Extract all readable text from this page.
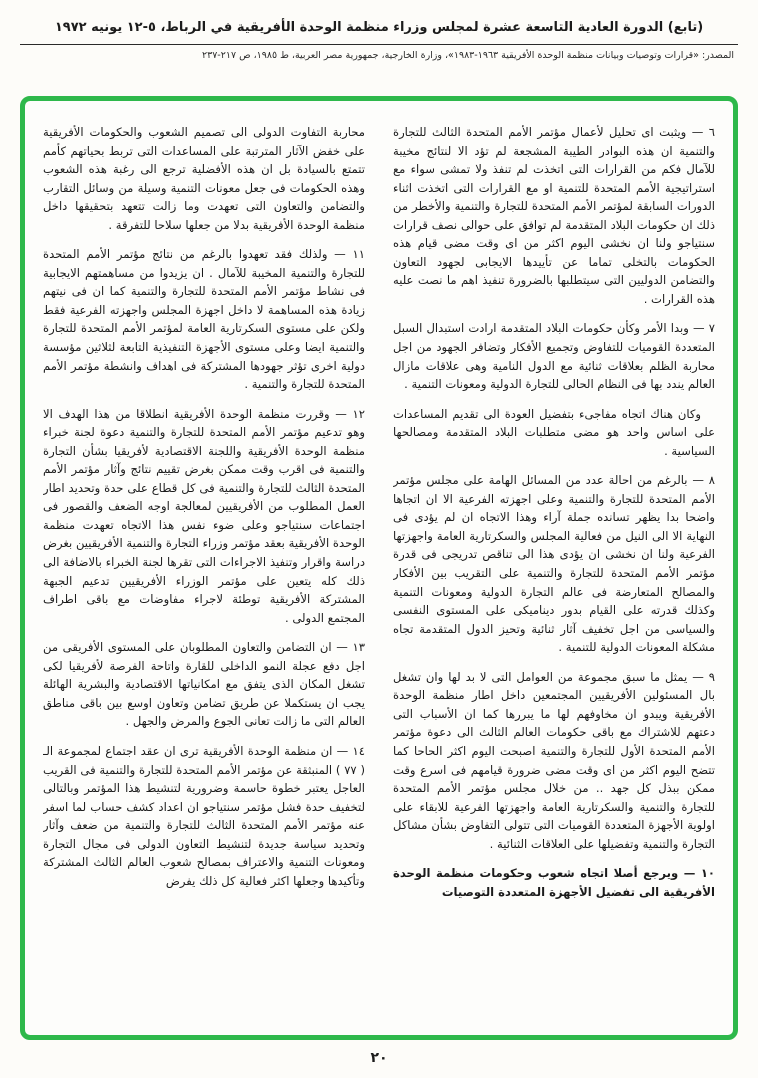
(تابع) الدورة العادية التاسعة عشرة لمجلس وزراء منظمة الوحدة الأفريقية في الرباط، ٥-١٢ يونيه ١٩٧٢
المصدر: «قرارات وتوصيات وبيانات منظمة الوحدة الأفريقية ١٩٦٣-١٩٨٣»، وزارة الخارجية، جمهورية مصر العربية، ط ١٩٨٥، ص ٢١٧-٢٣٧

٦ — ويثبت اى تحليل لأعمال مؤتمر الأمم المتحدة الثالث للتجارة والتنمية ان هذه البوادر الطيبة المشجعة لم تؤد الا لنتائج مخيبة للآمال فكم من القرارات التى اتخذت لم تنفذ ولا تمشى سواء مع استراتيجية الأمم المتحدة للتنمية او مع القرارات التى اتخذت اثناء الدورات السابقة لمؤتمر الأمم المتحدة للتجارة والتنمية والأخطر من ذلك ان حكومات البلاد المتقدمة لم توافق على حوالى نصف قرارات سنتياجو ولنا ان نخشى اليوم اكثر من اى وقت مضى قيام هذه الحكومات بالتخلى تماما عن تأييدها الايجابى لجهود التعاون والتضامن الدوليين التى سيتطلبها بالضرورة تنفيذ اهم ما نصت عليه هذه القرارات .

٧ — وبدا الأمر وكأن حكومات البلاد المتقدمة ارادت استبدال السبل المتعددة القوميات للتفاوض وتجميع الأفكار وتضافر الجهود من اجل محاربة الظلم بعلاقات ثنائية مع الدول النامية وهى علاقات مازال العالم يندد بها فى النظام الحالى للتجارة الدولية ومعونات التنمية .

وكان هناك اتجاه مفاجىء بتفضيل العودة الى تقديم المساعدات على اساس واحد هو مضى متطلبات البلاد المتقدمة ومصالحها السياسية .

٨ — بالرغم من احالة عدد من المسائل الهامة على مجلس مؤتمر الأمم المتحدة للتجارة والتنمية وعلى اجهزته الفرعية الا ان اتجاها واضحا بدا يظهر تسانده جملة آراء وهذا الاتجاه ان لم يؤدى فى النهاية الا الى النيل من فعالية المجلس والسكرتارية العامة واجهزتها الفرعية ولنا ان نخشى ان يؤدى هذا الى تناقص تدريجى فى قدرة مؤتمر الأمم المتحدة للتجارة والتنمية على التقريب بين الأفكار والمصالح المتعارضة فى عالم التجارة الدولية ومعونات التنمية وكذلك قدرته على القيام بدور ديناميكى على المستوى النفسى والسياسى من اجل تخفيف آثار ثنائية وتحيز الدول المتقدمة تجاه مشكلة المعونات الدولية للتنمية .

٩ — يمثل ما سبق مجموعة من العوامل التى لا بد لها وان تشغل بال المسئولين الأفريقيين المجتمعين داخل اطار منظمة الوحدة الأفريقية ويبدو ان مخاوفهم لها ما يبررها كما ان الأسباب التى دعتهم للاشتراك مع باقى حكومات العالم الثالث الى دعوة مؤتمر الأمم المتحدة الأول للتجارة والتنمية اصبحت اليوم اكثر الحاحا كما تتضح اليوم اكثر من اى وقت مضى ضرورة قيامهم فى اسرع وقت ممكن ببذل كل جهد .. من خلال مجلس مؤتمر الأمم المتحدة للتجارة والتنمية والسكرتارية العامة واجهزتها الفرعية للابقاء على اولوية الأجهزة المتعددة القوميات التى تتولى التفاوض بشأن مشاكل التجارة والتنمية وتفضيلها على العلاقات الثنائية .

١٠ — ويرجع أصلا اتجاه شعوب وحكومات منظمة الوحدة الأفريقية الى تفضيل الأجهزة المتعددة التوصيات

محاربة التفاوت الدولى الى تصميم الشعوب والحكومات الأفريقية على خفض الآثار المترتبة على المساعدات التى تربط بحياتهم كأمم تتمتع بالسيادة بل ان هذه الأفضلية ترجع الى رغبة هذه الشعوب وهذه الحكومات فى جعل معونات التنمية وسيلة من وسائل التقارب والتضامن والتعاون التى تعهدت وما زالت تتعهد بتحقيقها داخل منظمة الوحدة الأفريقية بدلا من جعلها سلاحا للتفرقة .

١١ — ولذلك فقد تعهدوا بالرغم من نتائج مؤتمر الأمم المتحدة للتجارة والتنمية المخيبة للآمال . ان يزيدوا من مساهمتهم الايجابية فى نشاط مؤتمر الأمم المتحدة للتجارة والتنمية كما ان فى نيتهم زيادة هذه المساهمة لا داخل اجهزة المجلس واجهزته الفرعية فقط ولكن على مستوى السكرتارية العامة لمؤتمر الأمم المتحدة للتجارة والتنمية ايضا وعلى مستوى الأجهزة التنفيذية التابعة لثلاثين مؤسسة دولية اخرى تؤثر جهودها المشتركة فى اهداف وانشطة مؤتمر الأمم المتحدة للتجارة والتنمية .

١٢ — وقررت منظمة الوحدة الأفريقية انطلاقا من هذا الهدف الا وهو تدعيم مؤتمر الأمم المتحدة للتجارة والتنمية دعوة لجنة خبراء منظمة الوحدة الأفريقية واللجنة الاقتصادية لأفريقيا بشأن التجارة والتنمية فى اقرب وقت ممكن بغرض تقييم نتائج وآثار مؤتمر الأمم المتحدة الثالث للتجارة والتنمية فى كل قطاع على حدة وتحديد اطار العمل المطلوب من الأفريقيين لمعالجة اوجه الضعف والقصور فى اجتماعات سنتياجو وعلى ضوء نفس هذا الاتجاه تعهدت منظمة الوحدة الأفريقية بعقد مؤتمر وزراء التجارة والتنمية الأفريقيين بغرض دراسة واقرار وتنفيذ الاجراءات التى تقرها لجنة الخبراء بالاضافة الى ذلك كله يتعين على مؤتمر الوزراء الأفريقيين تدعيم الجبهة المشتركة الأفريقية توطئة لاجراء مفاوضات مع باقى اطراف المجتمع الدولى .

١٣ — ان التضامن والتعاون المطلوبان على المستوى الأفريقى من اجل دفع عجلة النمو الداخلى للقارة واتاحة الفرصة لأفريقيا لكى تشغل المكان الذى يتفق مع امكانياتها الاقتصادية والبشرية الهائلة يجب ان يستكملا عن طريق تضامن وتعاون اوسع بين باقى مناطق العالم التى ما زالت تعانى الجوع والمرض والجهل .

١٤ — ان منظمة الوحدة الأفريقية ترى ان عقد اجتماع لمجموعة الـ ( ٧٧ ) المنبثقة عن مؤتمر الأمم المتحدة للتجارة والتنمية فى القريب العاجل يعتبر خطوة حاسمة وضرورية لتنشيط هذا المؤتمر وبالتالى لتخفيف حدة فشل مؤتمر سنتياجو ان اعداد كشف حساب لما اسفر عنه مؤتمر الأمم المتحدة الثالث للتجارة والتنمية من ضعف وآثار وتحديد سياسة جديدة لتنشيط التعاون الدولى فى مجال التجارة ومعونات التنمية والاعتراف بمصالح شعوب العالم الثالث المشتركة وتأكيدها وجعلها اكثر فعالية كل ذلك يفرض

٢٠
